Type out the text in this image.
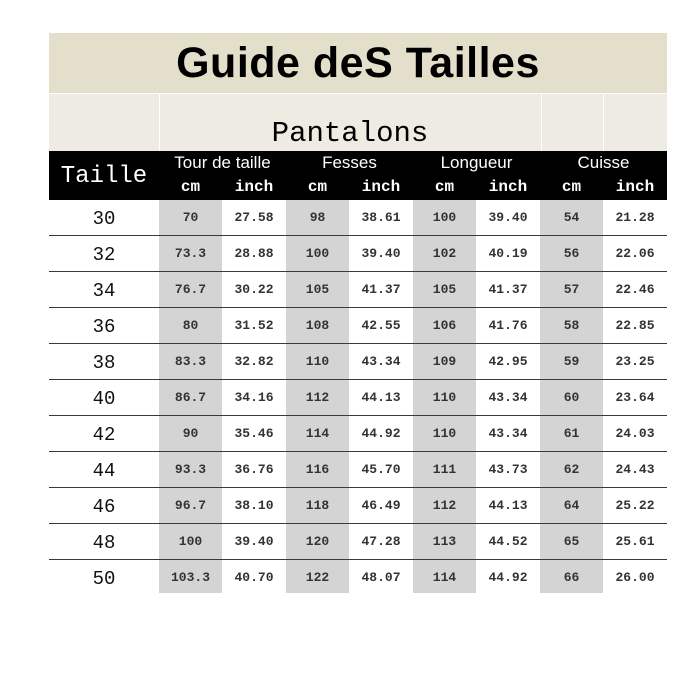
Guide deS Tailles
Pantalons
Taille
Tour de taille	Fesses	Longueur	Cuisse
cm	inch	cm	inch	cm	inch	cm	inch
30	70	27.58	98	38.61	100	39.40	54	21.28
32	73.3	28.88	100	39.40	102	40.19	56	22.06
34	76.7	30.22	105	41.37	105	41.37	57	22.46
36	80	31.52	108	42.55	106	41.76	58	22.85
38	83.3	32.82	110	43.34	109	42.95	59	23.25
40	86.7	34.16	112	44.13	110	43.34	60	23.64
42	90	35.46	114	44.92	110	43.34	61	24.03
44	93.3	36.76	116	45.70	111	43.73	62	24.43
46	96.7	38.10	118	46.49	112	44.13	64	25.22
48	100	39.40	120	47.28	113	44.52	65	25.61
50	103.3	40.70	122	48.07	114	44.92	66	26.00
